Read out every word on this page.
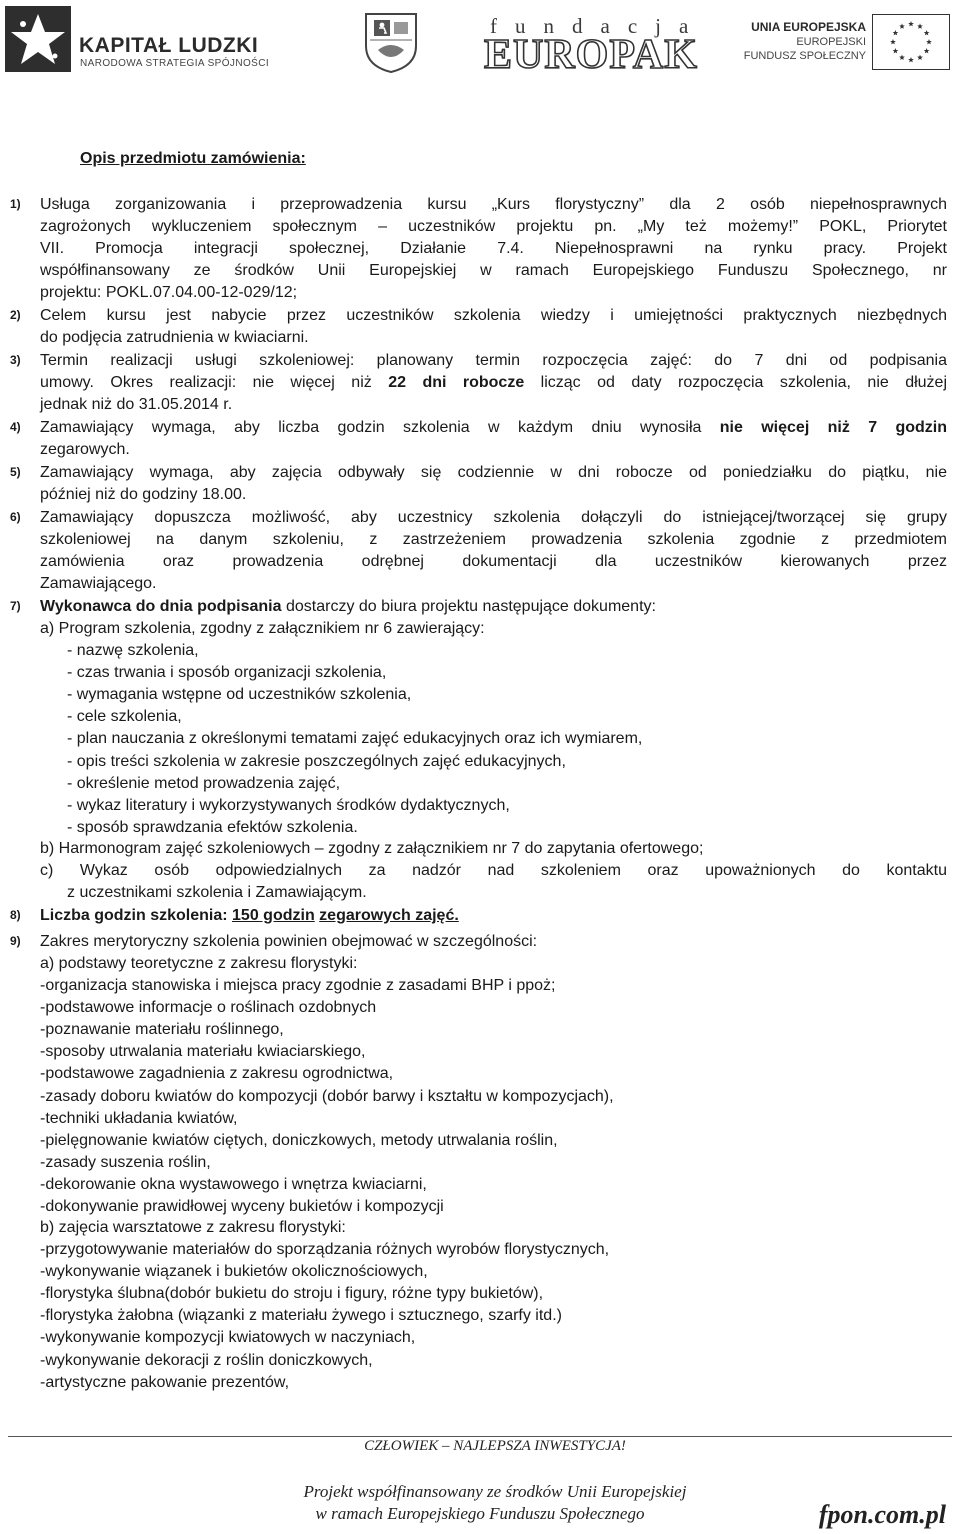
KAPITAŁ LUDZKI
NARODOWA STRATEGIA SPÓJNOŚCI
fundacja
EUROPAK
UNIA EUROPEJSKA
EUROPEJSKI
FUNDUSZ SPOŁECZNY
Opis przedmiotu zamówienia:
1) Usługa zorganizowania i przeprowadzenia kursu „Kurs florystyczny” dla 2 osób niepełnosprawnych
zagrożonych wykluczeniem społecznym – uczestników projektu pn. „My też możemy!” POKL, Priorytet
VII. Promocja integracji społecznej, Działanie 7.4. Niepełnosprawni na rynku pracy. Projekt
współfinansowany ze środków Unii Europejskiej w ramach Europejskiego Funduszu Społecznego, nr
projektu: POKL.07.04.00-12-029/12;
2) Celem kursu jest nabycie przez uczestników szkolenia wiedzy i umiejętności praktycznych niezbędnych
do podjęcia zatrudnienia w kwiaciarni.
3) Termin realizacji usługi szkoleniowej: planowany termin rozpoczęcia zajęć: do 7 dni od podpisania
umowy. Okres realizacji: nie więcej niż 22 dni robocze licząc od daty rozpoczęcia szkolenia, nie dłużej
jednak niż do 31.05.2014 r.
4) Zamawiający wymaga, aby liczba godzin szkolenia w każdym dniu wynosiła nie więcej niż 7 godzin
zegarowych.
5) Zamawiający wymaga, aby zajęcia odbywały się codziennie w dni robocze od poniedziałku do piątku, nie
później niż do godziny 18.00.
6) Zamawiający dopuszcza możliwość, aby uczestnicy szkolenia dołączyli do istniejącej/tworzącej się grupy
szkoleniowej na danym szkoleniu, z zastrzeżeniem prowadzenia szkolenia zgodnie z przedmiotem
zamówienia oraz prowadzenia odrębnej dokumentacji dla uczestników kierowanych przez
Zamawiającego.
7) Wykonawca do dnia podpisania dostarczy do biura projektu następujące dokumenty:
a) Program szkolenia, zgodny z załącznikiem nr 6 zawierający:
- nazwę szkolenia,
- czas trwania i sposób organizacji szkolenia,
- wymagania wstępne od uczestników szkolenia,
- cele szkolenia,
- plan nauczania z określonymi tematami zajęć edukacyjnych oraz ich wymiarem,
- opis treści szkolenia w zakresie poszczególnych zajęć edukacyjnych,
- określenie metod prowadzenia zajęć,
- wykaz literatury i wykorzystywanych środków dydaktycznych,
- sposób sprawdzania efektów szkolenia.
b) Harmonogram zajęć szkoleniowych – zgodny z załącznikiem nr 7 do zapytania ofertowego;
c) Wykaz osób odpowiedzialnych za nadzór nad szkoleniem oraz upoważnionych do kontaktu
z uczestnikami szkolenia i Zamawiającym.
8) Liczba godzin szkolenia: 150 godzin zegarowych zajęć.
9) Zakres merytoryczny szkolenia powinien obejmować w szczególności:
a) podstawy teoretyczne z zakresu florystyki:
-organizacja stanowiska i miejsca pracy zgodnie z zasadami BHP i ppoż;
-podstawowe informacje o roślinach ozdobnych
-poznawanie materiału roślinnego,
-sposoby utrwalania materiału kwiaciarskiego,
-podstawowe zagadnienia z zakresu ogrodnictwa,
-zasady doboru kwiatów do kompozycji (dobór barwy i kształtu w kompozycjach),
-techniki układania kwiatów,
-pielęgnowanie kwiatów ciętych, doniczkowych, metody utrwalania roślin,
-zasady suszenia roślin,
-dekorowanie okna wystawowego i wnętrza kwiaciarni,
-dokonywanie prawidłowej wyceny bukietów i kompozycji
b) zajęcia warsztatowe z zakresu florystyki:
-przygotowywanie materiałów do sporządzania różnych wyrobów florystycznych,
-wykonywanie wiązanek i bukietów okolicznościowych,
-florystyka ślubna(dobór bukietu do stroju i figury, różne typy bukietów),
-florystyka żałobna (wiązanki z materiału żywego i sztucznego, szarfy itd.)
-wykonywanie kompozycji kwiatowych w naczyniach,
-wykonywanie dekoracji z roślin doniczkowych,
-artystyczne pakowanie prezentów,
CZŁOWIEK – NAJLEPSZA INWESTYCJA!
Projekt współfinansowany ze środków Unii Europejskiej
w ramach Europejskiego Funduszu Społecznego	fpon.com.pl
